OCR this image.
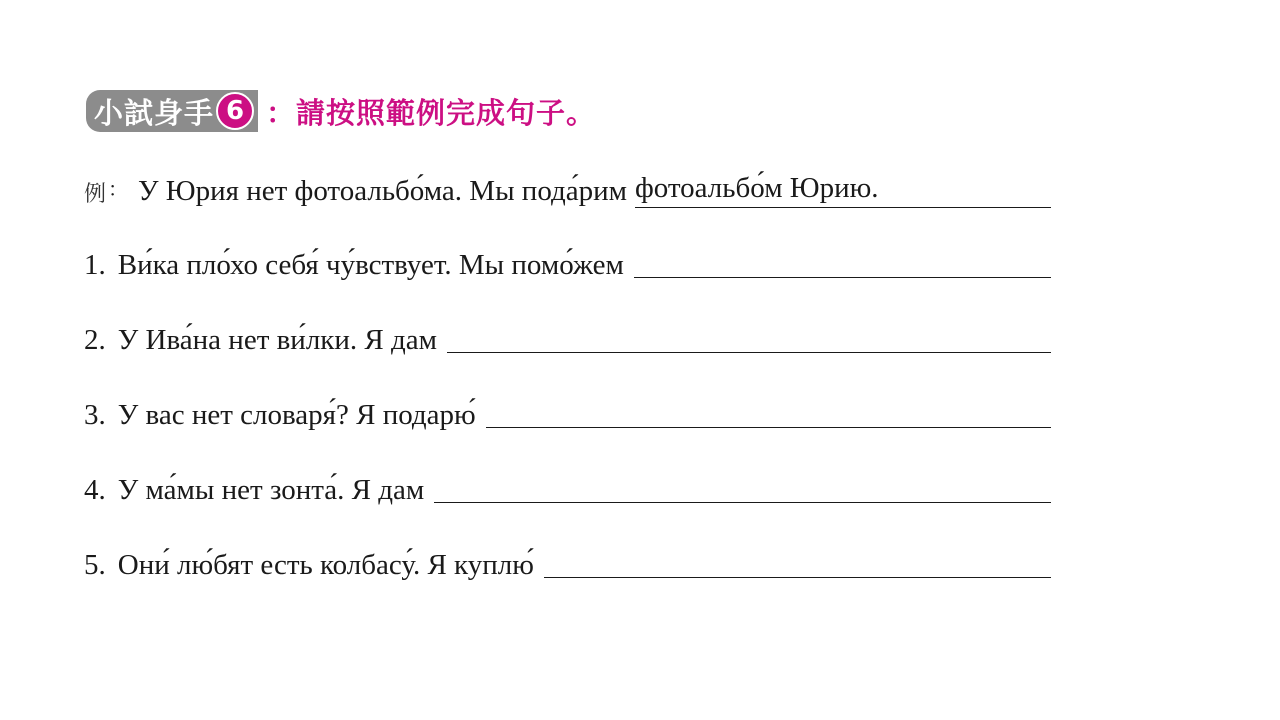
小試身手 6 ：請按照範例完成句子。
例 ： У Юрия нет фотоальбо́ма. Мы пода́рим фотоальбо́м Юрию.
1. Ви́ка пло́хо себя́ чу́вствует. Мы помо́жем
2. У Ива́на нет ви́лки. Я дам
3. У вас нет словаря́? Я подарю́
4. У ма́мы нет зонта́. Я дам
5. Они́ лю́бят есть колбасу́. Я куплю́
